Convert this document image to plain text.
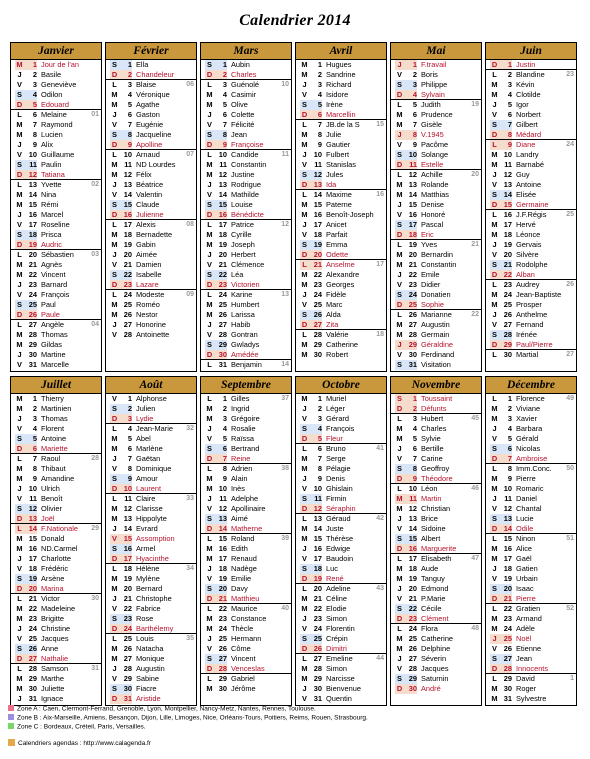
Calendrier 2014
Janvier
M	1 Jour de l'an
J	2 Basile
V	3 Geneviève
S	4 Odilon
D	5 Edouard
L	6 Melaine	01
M	7 Raymond
M	8 Lucien
J	9 Alix
V 10 Guillaume
S 11 Paulin
D 12 Tatiana
L 13 Yvette	02
M 14 Nina
M 15 Rémi
J 16 Marcel
V 17 Roseline
S 18 Prisca
D 19 Audric
L 20 Sébastien	03
M 21 Agnès
M 22 Vincent
J 23 Barnard
V 24 François
S 25 Paul
D 26 Paule
L 27 Angèle	04
M 28 Thomas
M 29 Gildas
J 30 Martine
V 31 Marcelle
Février
S	1 Ella
D	2 Chandeleur
L	3 Blaise	06
M	4 Véronique
M	5 Agathe
J	6 Gaston
V	7 Eugénie
S	8 Jacqueline
D	9 Apolline
L 10 Arnaud	07
M 11 ND Lourdes
M 12 Félix
J 13 Béatrice
V 14 Valentin
S 15 Claude
D 16 Julienne
L 17 Alexis	08
M 18 Bernadette
M 19 Gabin
J 20 Aimée
V 21 Damien
S 22 Isabelle
D 23 Lazare
L 24 Modeste	09
M 25 Roméo
M 26 Nestor
J 27 Honorine
V 28 Antoinette
Mars
S	1 Aubin
D	2 Charles
L	3 Guénolé	10
M	4 Casimir
M	5 Olive
J	6 Colette
V	7 Félicité
S	8 Jean
D	9 Françoise
L 10 Candide	11
M 11 Constantin
M 12 Justine
J 13 Rodrigue
V 14 Mathilde
S 15 Louise
D 16 Bénédicte
L 17 Patrice	12
M 18 Cyrille
M 19 Joseph
J 20 Herbert
V 21 Clémence
S 22 Léa
D 23 Victorien
L 24 Karine	13
M 25 Humbert
M 26 Larissa
J 27 Habib
V 28 Gontran
S 29 Gwladys
D 30 Amédée
L 31 Benjamin	14
Avril
M	1 Hugues
M	2 Sandrine
J	3 Richard
V	4 Isidore
S	5 Irène
D	6 Marcellin
L	7 JB.de la S	15
M	8 Julie
M	9 Gautier
J 10 Fulbert
V 11 Stanislas
S 12 Jules
D 13 Ida
L 14 Maxime	16
M 15 Paterne
M 16 Benoît-Joseph
J 17 Anicet
V 18 Parfait
S 19 Emma
D 20 Odette
L 21 Anselme	17
M 22 Alexandre
M 23 Georges
J 24 Fidèle
V 25 Marc
S 26 Alda
D 27 Zita
L 28 Valérie	18
M 29 Catherine
M 30 Robert
Mai
J	1 F.travail
V	2 Boris
S	3 Philippe
D	4 Sylvain
L	5 Judith	19
M	6 Prudence
M	7 Gisèle
J	8 V.1945
V	9 Pacôme
S 10 Solange
D 11 Estelle
L 12 Achille	20
M 13 Rolande
M 14 Matthias
J 15 Denise
V 16 Honoré
S 17 Pascal
D 18 Eric
L 19 Yves	21
M 20 Bernardin
M 21 Constantin
J 22 Emile
V 23 Didier
S 24 Donatien
D 25 Sophie
L 26 Marianne	22
M 27 Augustin
M 28 Germain
J 29 Géraldine
V 30 Ferdinand
S 31 Visitation
Juin
D	1 Justin
L	2 Blandine	23
M	3 Kévin
M	4 Clotilde
J	5 Igor
V	6 Norbert
S	7 Gilbert
D	8 Médard
L	9 Diane	24
M 10 Landry
M 11 Barnabé
J 12 Guy
V 13 Antoine
S 14 Elisée
D 15 Germaine
L 16 J.F.Régis	25
M 17 Hervé
M 18 Léonce
J 19 Gervais
V 20 Silvère
S 21 Rodolphe
D 22 Alban
L 23 Audrey	26
M 24 Jean-Baptiste
M 25 Prosper
J 26 Anthelme
V 27 Fernand
S 28 Irénée
D 29 Paul/Pierre
L 30 Martial	27
Juillet
M	1 Thierry
M	2 Martinien
J	3 Thomas
V	4 Florent
S	5 Antoine
D	6 Mariette
L	7 Raoul	28
M	8 Thibaut
M	9 Amandine
J 10 Ulrich
V 11 Benoît
S 12 Olivier
D 13 Joël
L 14 F.Nationale	29
M 15 Donald
M 16 ND.Carmel
J 17 Charlotte
V 18 Frédéric
S 19 Arsène
D 20 Marina
L 21 Victor	30
M 22 Madeleine
M 23 Brigitte
J 24 Christine
V 25 Jacques
S 26 Anne
D 27 Nathalie
L 28 Samson	31
M 29 Marthe
M 30 Juliette
J 31 Ignace
Août
V	1 Alphonse
S	2 Julien
D	3 Lydie
L	4 Jean-Marie	32
M	5 Abel
M	6 Marlène
J	7 Gaëtan
V	8 Dominique
S	9 Amour
D 10 Laurent
L	11 Claire	33
M 12 Clarisse
M 13 Hippolyte
J 14 Evrard
V 15 Assomption
S 16 Armel
D 17 Hyacinthe
L 18 Hélène	34
M 19 Mylène
M 20 Bernard
J 21 Christophe
V 22 Fabrice
S 23 Rose
D 24 Barthélemy
L 25 Louis	35
M 26 Natacha
M 27 Monique
J 28 Augustin
V 29 Sabine
S 30 Fiacre
D 31 Aristide
Septembre
L	1 Gilles	37
M	2 Ingrid
M	3 Grégoire
J	4 Rosalie
V	5 Raïssa
S	6 Bertrand
D	7 Reine
L	8 Adrien	38
M	9 Alain
M 10 Inès
J	11 Adelphe
V 12 Apollinaire
S 13 Aimé
D 14 Matherne
L 15 Roland	39
M 16 Edith
M 17 Renaud
J 18 Nadège
V 19 Emilie
S 20 Davy
D 21 Matthieu
L 22 Maurice	40
M 23 Constance
M 24 Thècle
J 25 Hermann
V 26 Côme
S 27 Vincent
D 28 Venceslas
L 29 Gabriel
M 30 Jérôme
Octobre
M	1 Muriel
J	2 Léger
V	3 Gérard
S	4 François
D	5 Fleur
L	6 Bruno	41
M	7 Serge
M	8 Pélagie
J	9 Denis
V 10 Ghislain
S 11 Firmin
D 12 Séraphin
L 13 Géraud	42
M 14 Juste
M 15 Thérèse
J 16 Edwige
V 17 Baudoin
S 18 Luc
D 19 René
L 20 Adeline	43
M 21 Céline
M 22 Elodie
J 23 Simon
V 24 Florentin
S 25 Crépin
D 26 Dimitri
L 27 Emeline	44
M 28 Simon
M 29 Narcisse
J 30 Bienvenue
V 31 Quentin
Novembre
S	1 Toussaint
D	2 Défunts
L	3 Hubert	45
M	4 Charles
M	5 Sylvie
J	6 Bertille
V	7 Carine
S	8 Geoffroy
D	9 Théodore
L 10 Léon	46
M 11 Martin
M 12 Christian
J 13 Brice
V 14 Sidoine
S 15 Albert
D 16 Marguerite
L 17 Elisabeth	47
M 18 Aude
M 19 Tanguy
J 20 Edmond
V 21 P.Marie
S 22 Cécile
D 23 Clément
L 24 Flora	48
M 25 Catherine
M 26 Delphine
J 27 Séverin
V 28 Jacques
S 29 Saturnin
D 30 André
Décembre
L	1 Florence	49
M	2 Viviane
M	3 Xavier
J	4 Barbara
V	5 Gérald
S	6 Nicolas
D	7 Ambroise
L	8 Imm.Conc.	50
M	9 Pierre
M 10 Romaric
J	11 Daniel
V 12 Chantal
S 13 Lucie
D 14 Odile
L 15 Ninon	51
M 16 Alice
M 17 Gaël
J 18 Gatien
V 19 Urbain
S 20 Isaac
D 21 Pierre
L 22 Gratien	52
M 23 Armand
M 24 Adèle
J 25 Noël
V 26 Etienne
S 27 Jean
D 28 Innocents
L 29 David	1
M 30 Roger
M 31 Sylvestre
Zone A : Caen, Clermont-Ferrand, Grenoble, Lyon, Montpellier, Nancy-Metz, Nantes, Rennes, Toulouse.
Zone B : Aix-Marseille, Amiens, Besançon, Dijon, Lille, Limoges, Nice, Orléans-Tours, Poitiers, Reims, Rouen, Strasbourg.
Zone C : Bordeaux, Créteil, Paris, Versailles.
Calendriers agendas : http://www.calagenda.fr
